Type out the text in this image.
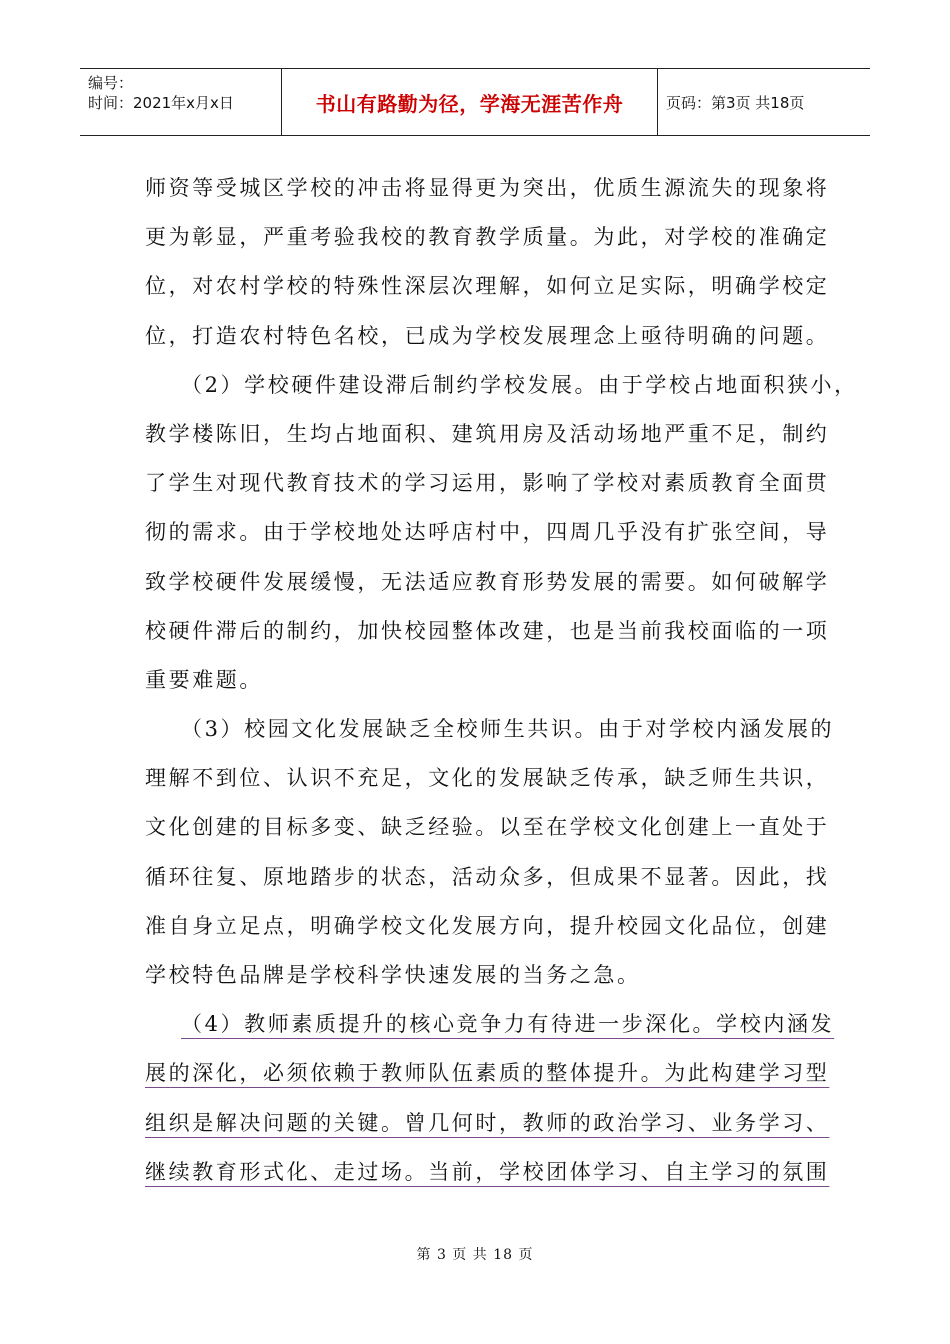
编号：
时间：2021年x月x日	书山有路勤为径，学海无涯苦作舟	页码：第3页 共18页
师资等受城区学校的冲击将显得更为突出，优质生源流失的现象将
更为彰显，严重考验我校的教育教学质量。为此，对学校的准确定
位，对农村学校的特殊性深层次理解，如何立足实际，明确学校定
位，打造农村特色名校，已成为学校发展理念上亟待明确的问题。
（2）学校硬件建设滞后制约学校发展。由于学校占地面积狭小，
教学楼陈旧，生均占地面积、建筑用房及活动场地严重不足，制约
了学生对现代教育技术的学习运用，影响了学校对素质教育全面贯
彻的需求。由于学校地处达呼店村中，四周几乎没有扩张空间，导
致学校硬件发展缓慢，无法适应教育形势发展的需要。如何破解学
校硬件滞后的制约，加快校园整体改建，也是当前我校面临的一项
重要难题。
（3）校园文化发展缺乏全校师生共识。由于对学校内涵发展的
理解不到位、认识不充足，文化的发展缺乏传承，缺乏师生共识，
文化创建的目标多变、缺乏经验。以至在学校文化创建上一直处于
循环往复、原地踏步的状态，活动众多，但成果不显著。因此，找
准自身立足点，明确学校文化发展方向，提升校园文化品位，创建
学校特色品牌是学校科学快速发展的当务之急。
（4）教师素质提升的核心竞争力有待进一步深化。学校内涵发
展的深化，必须依赖于教师队伍素质的整体提升。为此构建学习型
组织是解决问题的关键。曾几何时，教师的政治学习、业务学习、
继续教育形式化、走过场。当前，学校团体学习、自主学习的氛围
第 3 页 共 18 页
